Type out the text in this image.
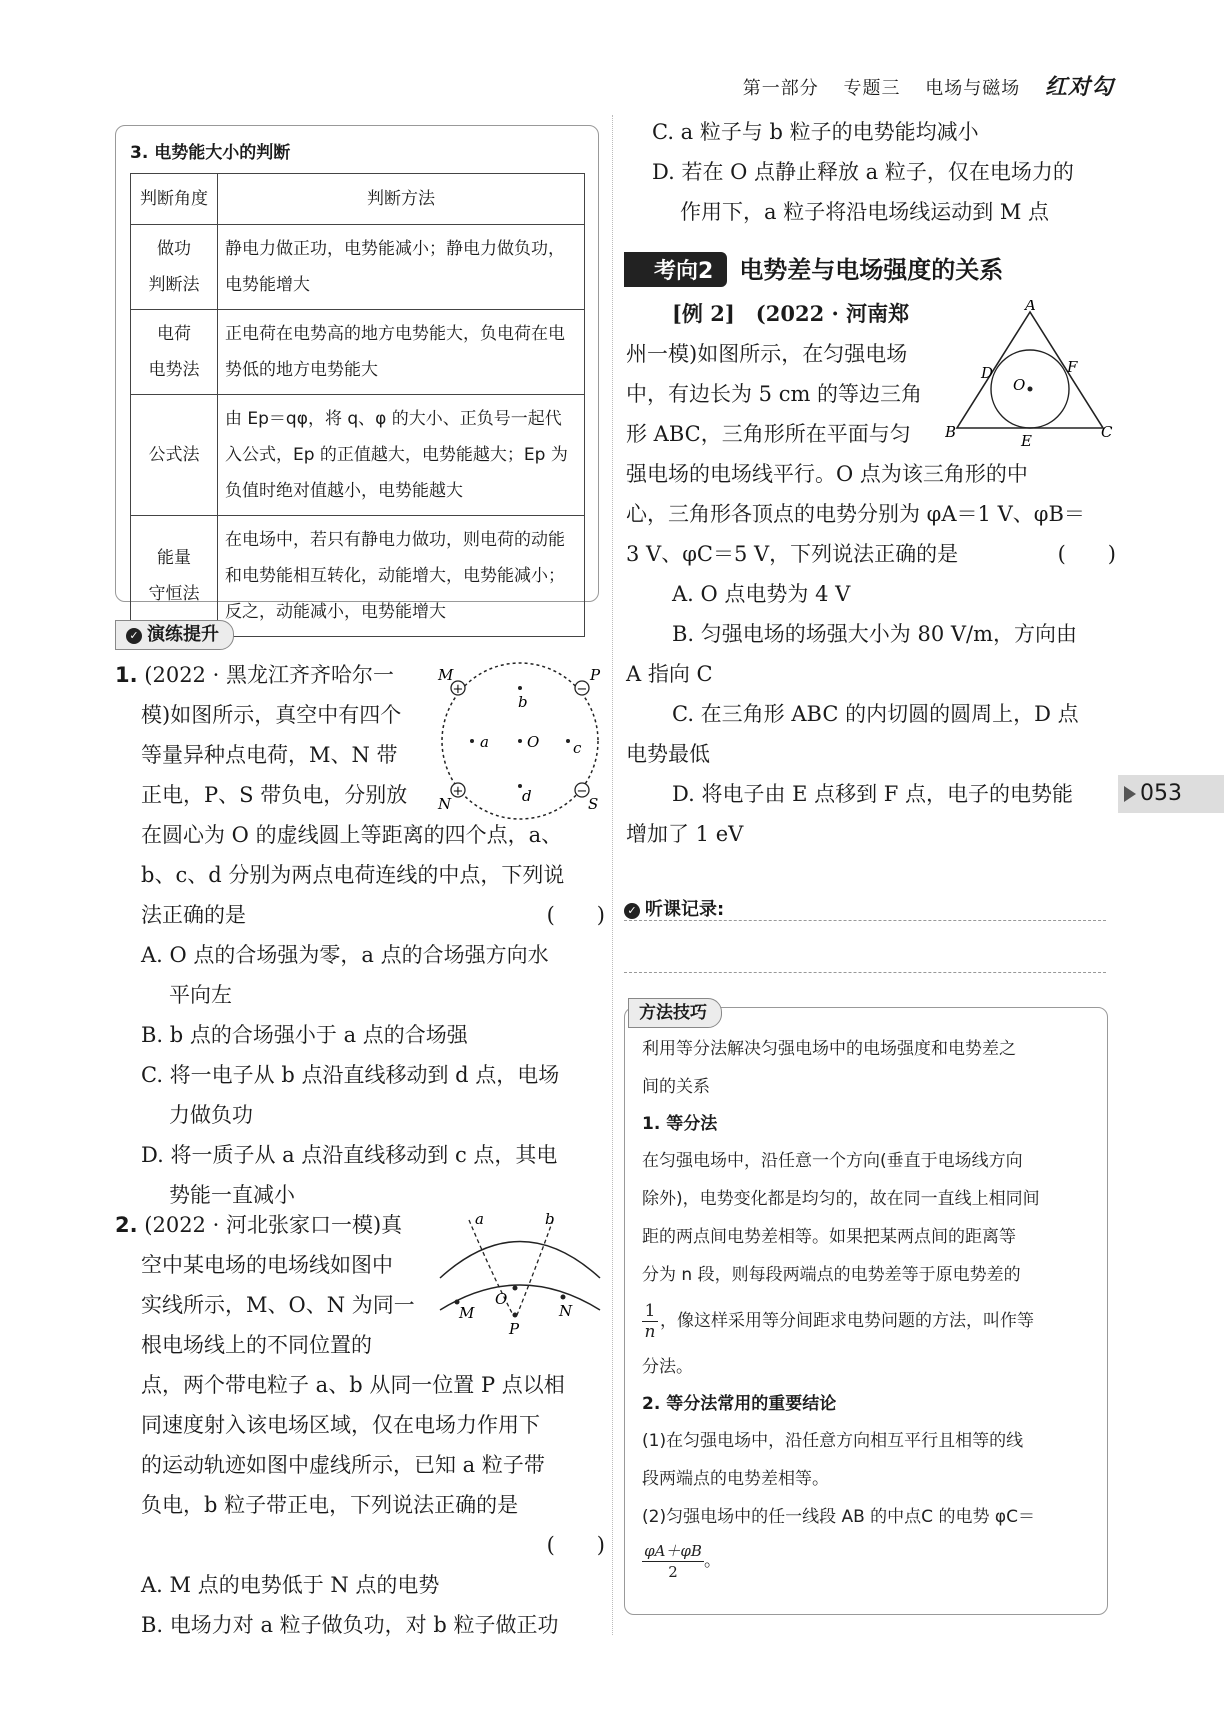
第一部分 专题三 电场与磁场 红对勾
3. 电势能大小的判断
判断角度	判断方法
做功
判断法	静电力做正功，电势能减小；静电力做负功，电势能增大
电荷
电势法	正电荷在电势高的地方电势能大，负电荷在电势低的地方电势能大
公式法	由 Ep＝qφ，将 q、φ 的大小、正负号一起代入公式，Ep 的正值越大，电势能越大；Ep 为负值时绝对值越小，电势能越大
能量
守恒法	在电场中，若只有静电力做功，则电荷的动能和电势能相互转化，动能增大，电势能减小；反之，动能减小，电势能增大
✓ 演练提升
1. (2022 · 黑龙江齐齐哈尔一
模)如图所示，真空中有四个
等量异种点电荷，M、N 带
正电，P、S 带负电，分别放
在圆心为 O 的虚线圆上等距离的四个点，a、
b、c、d 分别为两点电荷连线的中点，下列说
法正确的是	(　　)
A. O 点的合场强为零，a 点的合场强方向水
平向左
B. b 点的合场强小于 a 点的合场强
C. 将一电子从 b 点沿直线移动到 d 点，电场
力做负功
D. 将一质子从 a 点沿直线移动到 c 点，其电
势能一直减小
+	−
+	−
M	P
N	S
b
a	O c
d
2. (2022 · 河北张家口一模)真
空中某电场的电场线如图中
实线所示，M、O、N 为同一
根电场线上的不同位置的
点，两个带电粒子 a、b 从同一位置 P 点以相
同速度射入该电场区域，仅在电场力作用下
的运动轨迹如图中虚线所示，已知 a 粒子带
负电，b 粒子带正电，下列说法正确的是
(　　)
A. M 点的电势低于 N 点的电势
B. 电场力对 a 粒子做负功，对 b 粒子做正功
a	b
M
O
N
P
C. a 粒子与 b 粒子的电势能均减小
D. 若在 O 点静止释放 a 粒子，仅在电场力的
作用下，a 粒子将沿电场线运动到 M 点
考向2 电势差与电场强度的关系
[例 2]　(2022 · 河南郑
州一模)如图所示，在匀强电场
中，有边长为 5 cm 的等边三角
形 ABC，三角形所在平面与匀
强电场的电场线平行。O 点为该三角形的中
心，三角形各顶点的电势分别为 φA＝1 V、φB＝
3 V、φC＝5 V，下列说法正确的是	(　　)
A. O 点电势为 4 V
B. 匀强电场的场强大小为 80 V/m，方向由
A 指向 C
C. 在三角形 ABC 的内切圆的圆周上，D 点
电势最低
D. 将电子由 E 点移到 F 点，电子的电势能
增加了 1 eV
A
B	C
D	F
E
O
✓ 听课记录:
方法技巧
利用等分法解决匀强电场中的电场强度和电势差之
间的关系
1. 等分法
在匀强电场中，沿任意一个方向(垂直于电场线方向
除外)，电势变化都是均匀的，故在同一直线上相同间
距的两点间电势差相等。如果把某两点间的距离等
分为 n 段，则每段两端点的电势差等于原电势差的
1
n
，像这样采用等分间距求电势问题的方法，叫作等
分法。
2. 等分法常用的重要结论
(1)在匀强电场中，沿任意方向相互平行且相等的线
段两端点的电势差相等。
(2)匀强电场中的任一线段 AB 的中点C 的电势 φC＝
φA＋φB
2
。
053
